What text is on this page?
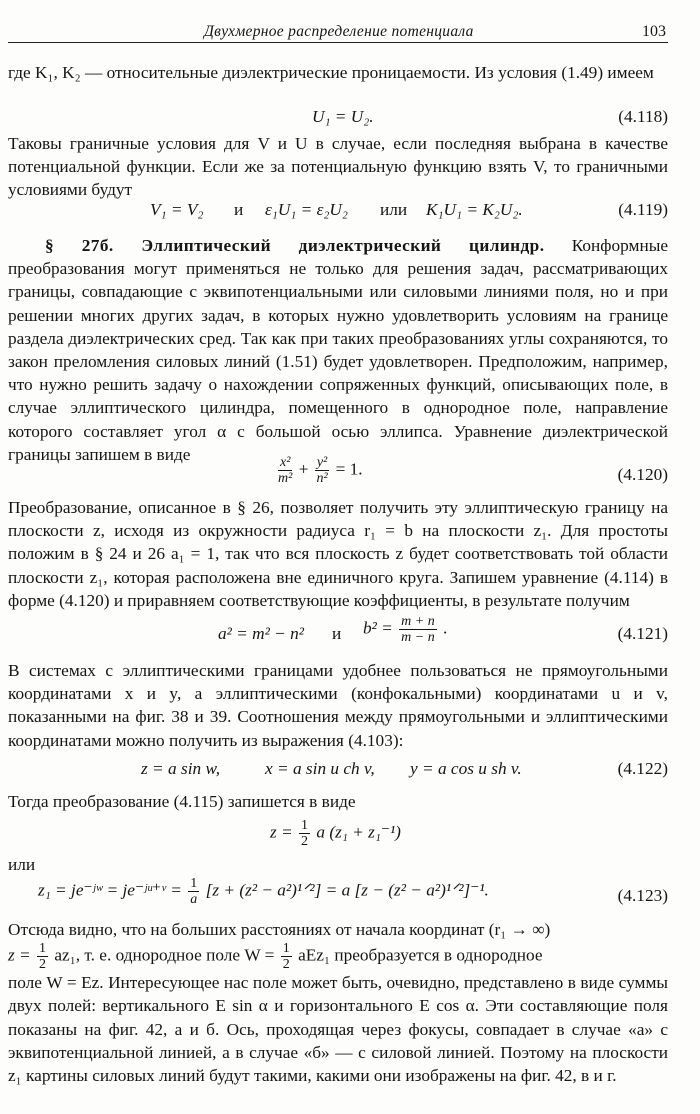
Двухмерное распределение потенциала	103
где K₁, K₂ — относительные диэлектрические проницаемости. Из условия (1.49) имеем
U₁ = U₂.	(4.118)
Таковы граничные условия для V и U в случае, если последняя выбрана в качестве потенциальной функции. Если же за потенциальную функцию взять V, то граничными условиями будут
V₁ = V₂ и ε₁U₁ = ε₂U₂ или K₁U₁ = K₂U₂.	(4.119)
§ 27б. Эллиптический диэлектрический цилиндр. Конформные преобразования могут применяться не только для решения задач, рассматривающих границы, совпадающие с эквипотенциальными или силовыми линиями поля, но и при решении многих других задач, в которых нужно удовлетворить условиям на границе раздела диэлектрических сред. Так как при таких преобразованиях углы сохраняются, то закон преломления силовых линий (1.51) будет удовлетворен. Предположим, например, что нужно решить задачу о нахождении сопряженных функций, описывающих поле, в случае эллиптического цилиндра, помещенного в однородное поле, направление которого составляет угол α с большой осью эллипса. Уравнение диэлектрической границы запишем в виде
$\frac{\text{x²}}{\text{m²}} + \frac{\text{y²}}{\text{n²}} = 1$.	(4.120)
Преобразование, описанное в § 26, позволяет получить эту эллиптическую границу на плоскости z, исходя из окружности радиуса r₁ = b на плоскости z₁. Для простоты положим в § 24 и 26 a₁ = 1, так что вся плоскость z будет соответствовать той области плоскости z₁, которая расположена вне единичного круга. Запишем уравнение (4.114) в форме (4.120) и приравняем соответствующие коэффициенты, в результате получим
a² = m² − n² и $b^2 = \frac{m + n}{m - n}$ .	(4.121)
В системах с эллиптическими границами удобнее пользоваться не прямоугольными координатами x и y, а эллиптическими (конфокальными) координатами u и v, показанными на фиг. 38 и 39. Соотношения между прямоугольными и эллиптическими координатами можно получить из выражения (4.103):
z = a sin w,	x = a sin u ch v, y = a cos u sh v.	(4.122)
Тогда преобразование (4.115) запишется в виде
$z = \frac{1}{2}$ a (z₁ + z₁⁻¹)
или
z₁ = je⁻ʲʷ = je⁻ʲᵘ⁺ᵛ = $\frac{1}{a} [z + (z^2$ − a²)¹ᐟ²] = a [z − (z² − a²)¹ᐟ²]⁻¹.	(4.123)
Отсюда видно, что на больших расстояниях от начала координат (r₁ → ∞)
$z = \frac{1}{2} az_1$, т. е. однородное поле $W = \frac{1}{2} aEz_1$ преобразуется в однородное
поле W = Ez. Интересующее нас поле может быть, очевидно, представлено в виде суммы двух полей: вертикального E sin α и горизонтального E cos α. Эти составляющие поля показаны на фиг. 42, а и б. Ось, проходящая через фокусы, совпадает в случае «а» с эквипотенциальной линией, а в случае «б» — с силовой линией. Поэтому на плоскости z₁ картины силовых линий будут такими, какими они изображены на фиг. 42, в и г.
